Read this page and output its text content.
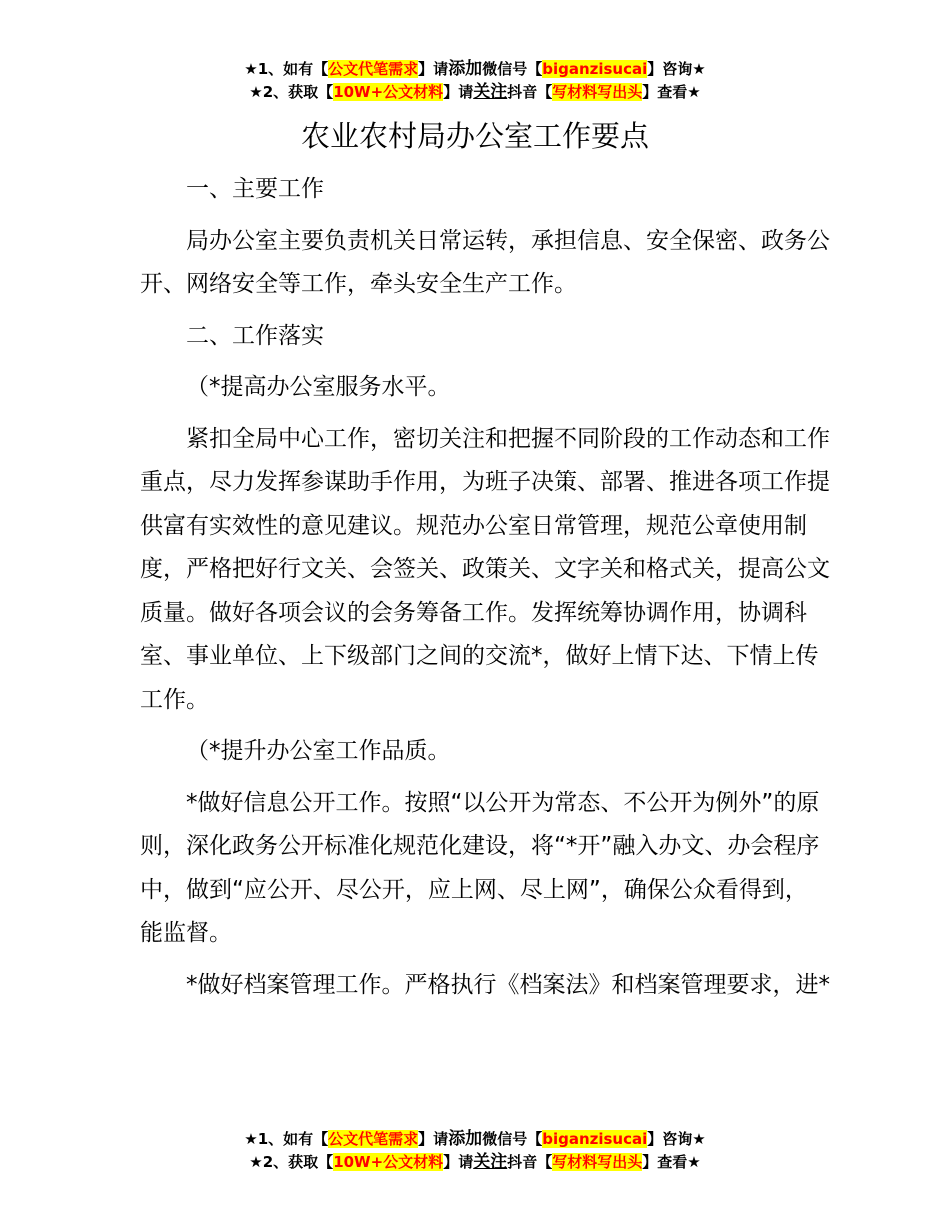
★1、如有【公文代笔需求】请添加微信号【biganzisucai】咨询★
★2、获取【10W+公文材料】请关注抖音【写材料写出头】查看★
农业农村局办公室工作要点

一、主要工作

局办公室主要负责机关日常运转，承担信息、安全保密、政务公开、网络安全等工作，牵头安全生产工作。

二、工作落实

（*提高办公室服务水平。

紧扣全局中心工作，密切关注和把握不同阶段的工作动态和工作重点，尽力发挥参谋助手作用，为班子决策、部署、推进各项工作提供富有实效性的意见建议。规范办公室日常管理，规范公章使用制度，严格把好行文关、会签关、政策关、文字关和格式关，提高公文质量。做好各项会议的会务筹备工作。发挥统筹协调作用，协调科室、事业单位、上下级部门之间的交流*，做好上情下达、下情上传工作。

（*提升办公室工作品质。

*做好信息公开工作。按照“以公开为常态、不公开为例外”的原则，深化政务公开标准化规范化建设，将“*开”融入办文、办会程序中，做到“应公开、尽公开，应上网、尽上网”，确保公众看得到，能监督。

*做好档案管理工作。严格执行《档案法》和档案管理要求，进*

★1、如有【公文代笔需求】请添加微信号【biganzisucai】咨询★
★2、获取【10W+公文材料】请关注抖音【写材料写出头】查看★
